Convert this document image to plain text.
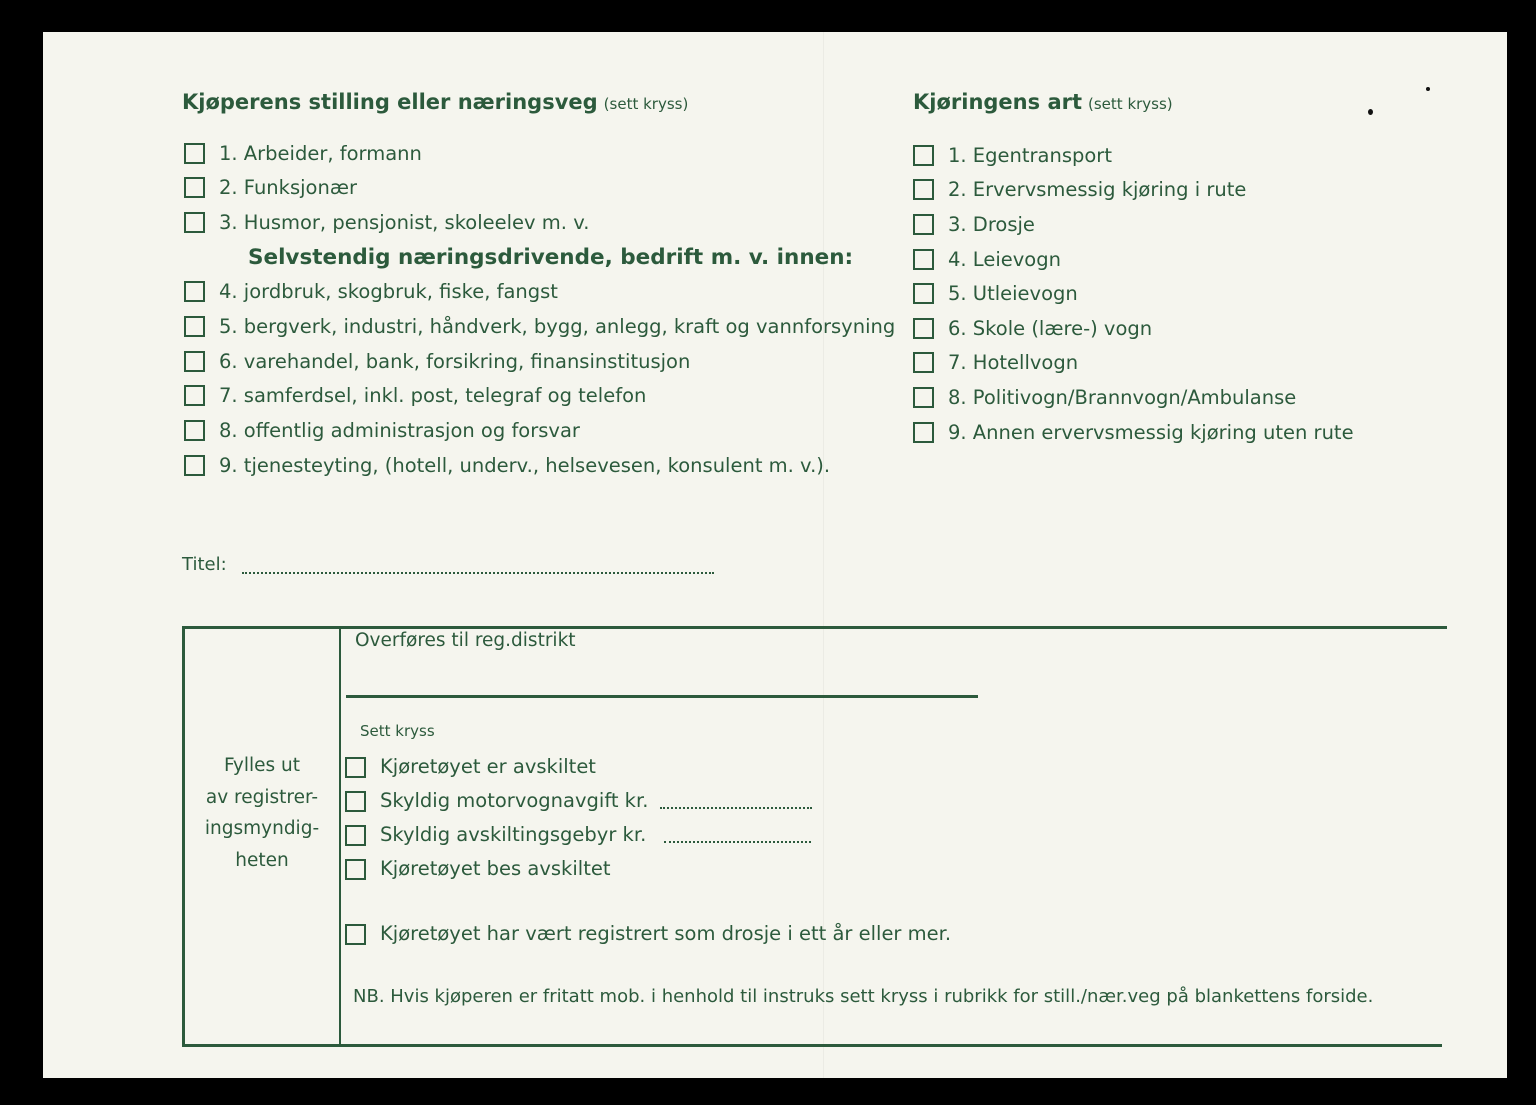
Kjøperens stilling eller næringsveg (sett kryss)
1. Arbeider, formann
2. Funksjonær
3. Husmor, pensjonist, skoleelev m. v.
Selvstendig næringsdrivende, bedrift m. v. innen:
4. jordbruk, skogbruk, fiske, fangst
5. bergverk, industri, håndverk, bygg, anlegg, kraft og vannforsyning
6. varehandel, bank, forsikring, finansinstitusjon
7. samferdsel, inkl. post, telegraf og telefon
8. offentlig administrasjon og forsvar
9. tjenesteyting, (hotell, underv., helsevesen, konsulent m. v.).
Titel:
Kjøringens art (sett kryss)
1. Egentransport
2. Ervervsmessig kjøring i rute
3. Drosje
4. Leievogn
5. Utleievogn
6. Skole (lære-) vogn
7. Hotellvogn
8. Politivogn/Brannvogn/Ambulanse
9. Annen ervervsmessig kjøring uten rute
Fylles ut
av registrer-
ingsmyndig-
heten
Overføres til reg.distrikt
Sett kryss
Kjøretøyet er avskiltet
Skyldig motorvognavgift kr.
Skyldig avskiltingsgebyr kr.
Kjøretøyet bes avskiltet
Kjøretøyet har vært registrert som drosje i ett år eller mer.
NB. Hvis kjøperen er fritatt mob. i henhold til instruks sett kryss i rubrikk for still./nær.veg på blankettens forside.
